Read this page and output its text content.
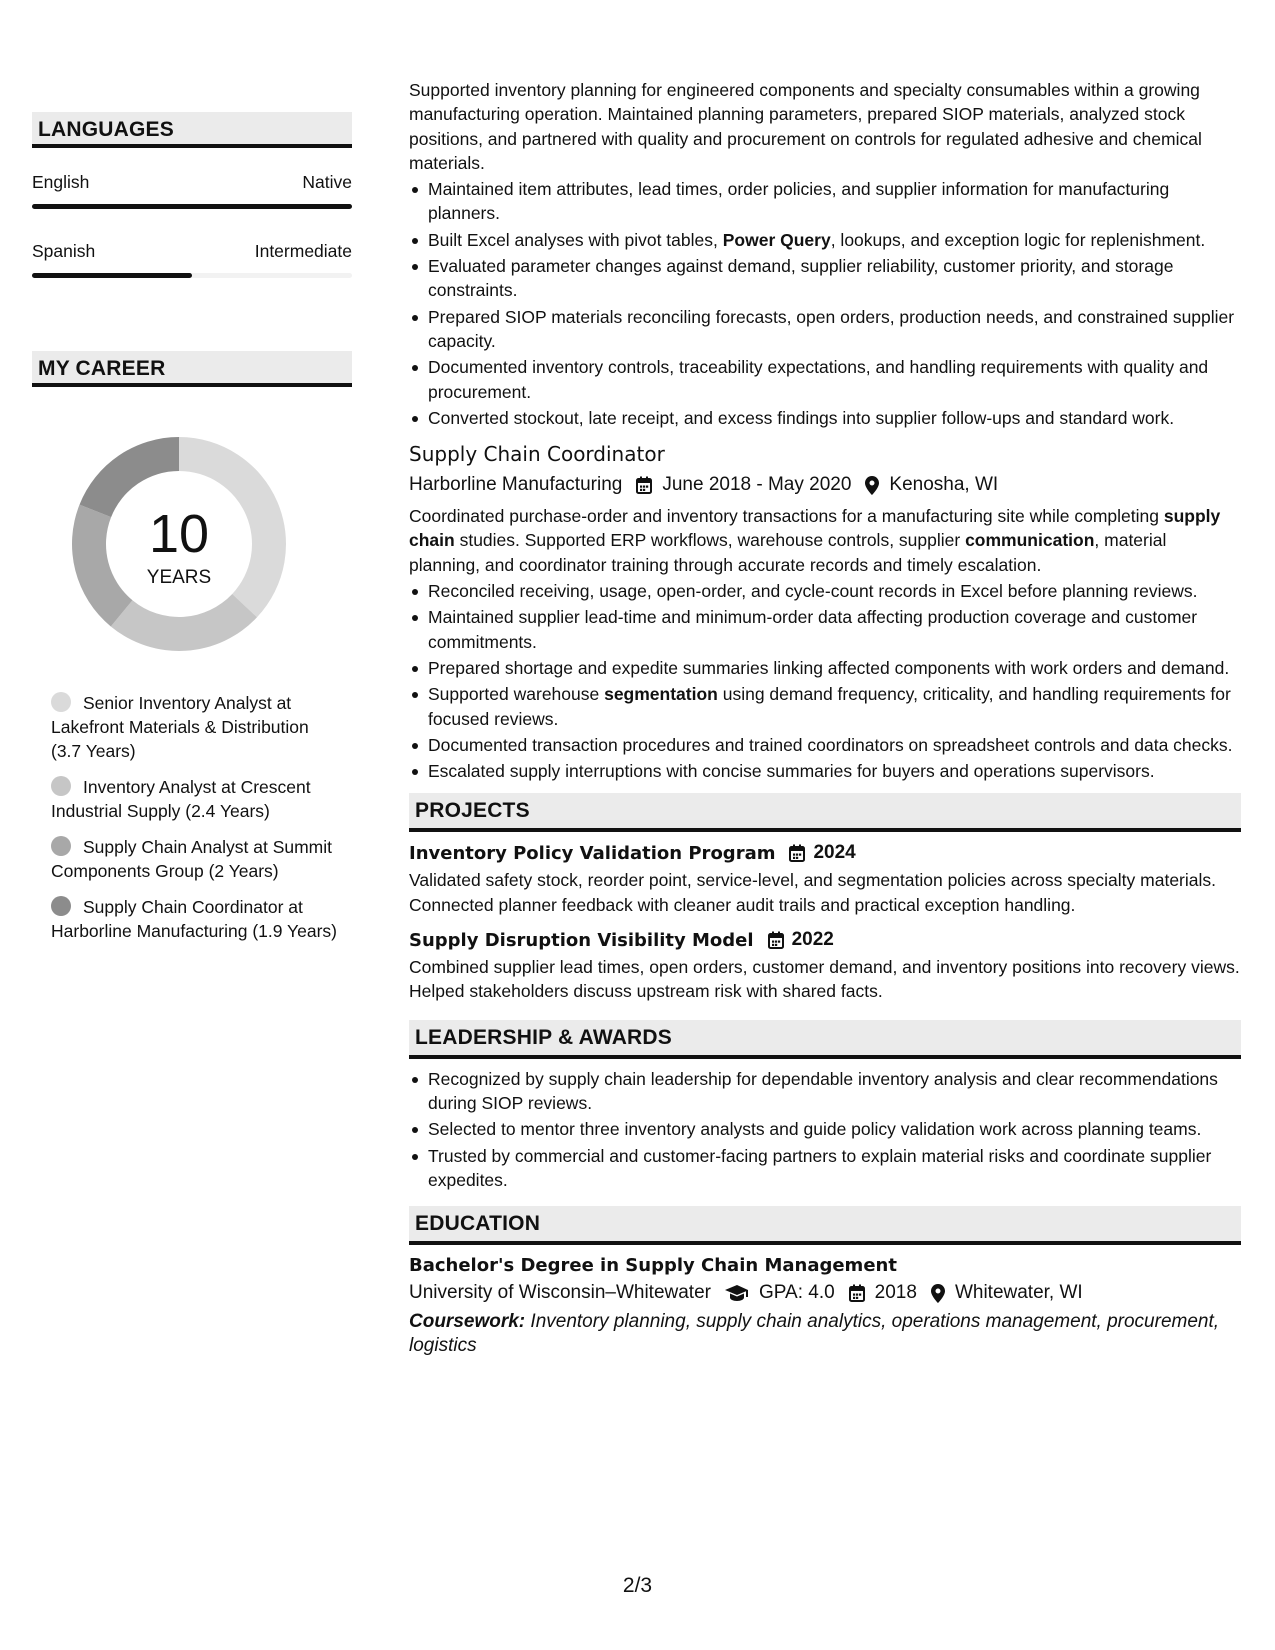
LANGUAGES
English	Native
Spanish	Intermediate
MY CAREER
10
YEARS
Senior Inventory Analyst at Lakefront Materials & Distribution (3.7 Years)
Inventory Analyst at Crescent Industrial Supply (2.4 Years)
Supply Chain Analyst at Summit Components Group (2 Years)
Supply Chain Coordinator at Harborline Manufacturing (1.9 Years)

Supported inventory planning for engineered components and specialty consumables within a growing manufacturing operation. Maintained planning parameters, prepared SIOP materials, analyzed stock positions, and partnered with quality and procurement on controls for regulated adhesive and chemical materials.

Maintained item attributes, lead times, order policies, and supplier information for manufacturing planners.
Built Excel analyses with pivot tables, Power Query, lookups, and exception logic for replenishment.
Evaluated parameter changes against demand, supplier reliability, customer priority, and storage constraints.
Prepared SIOP materials reconciling forecasts, open orders, production needs, and constrained supplier capacity.
Documented inventory controls, traceability expectations, and handling requirements with quality and procurement.
Converted stockout, late receipt, and excess findings into supplier follow-ups and standard work.
Supply Chain Coordinator
Harborline Manufacturing June 2018 - May 2020 Kenosha, WI

Coordinated purchase-order and inventory transactions for a manufacturing site while completing supply chain studies. Supported ERP workflows, warehouse controls, supplier communication, material planning, and coordinator training through accurate records and timely escalation.

Reconciled receiving, usage, open-order, and cycle-count records in Excel before planning reviews.
Maintained supplier lead-time and minimum-order data affecting production coverage and customer commitments.
Prepared shortage and expedite summaries linking affected components with work orders and demand.
Supported warehouse segmentation using demand frequency, criticality, and handling requirements for focused reviews.
Documented transaction procedures and trained coordinators on spreadsheet controls and data checks.
Escalated supply interruptions with concise summaries for buyers and operations supervisors.
PROJECTS
Inventory Policy Validation Program 2024

Validated safety stock, reorder point, service-level, and segmentation policies across specialty materials. Connected planner feedback with cleaner audit trails and practical exception handling.

Supply Disruption Visibility Model 2022

Combined supplier lead times, open orders, customer demand, and inventory positions into recovery views. Helped stakeholders discuss upstream risk with shared facts.

LEADERSHIP & AWARDS
Recognized by supply chain leadership for dependable inventory analysis and clear recommendations during SIOP reviews.
Selected to mentor three inventory analysts and guide policy validation work across planning teams.
Trusted by commercial and customer-facing partners to explain material risks and coordinate supplier expedites.
EDUCATION
Bachelor's Degree in Supply Chain Management
University of Wisconsin–Whitewater	GPA: 4.0 2018 Whitewater, WI
Coursework: Inventory planning, supply chain analytics, operations management, procurement, logistics
2/3
